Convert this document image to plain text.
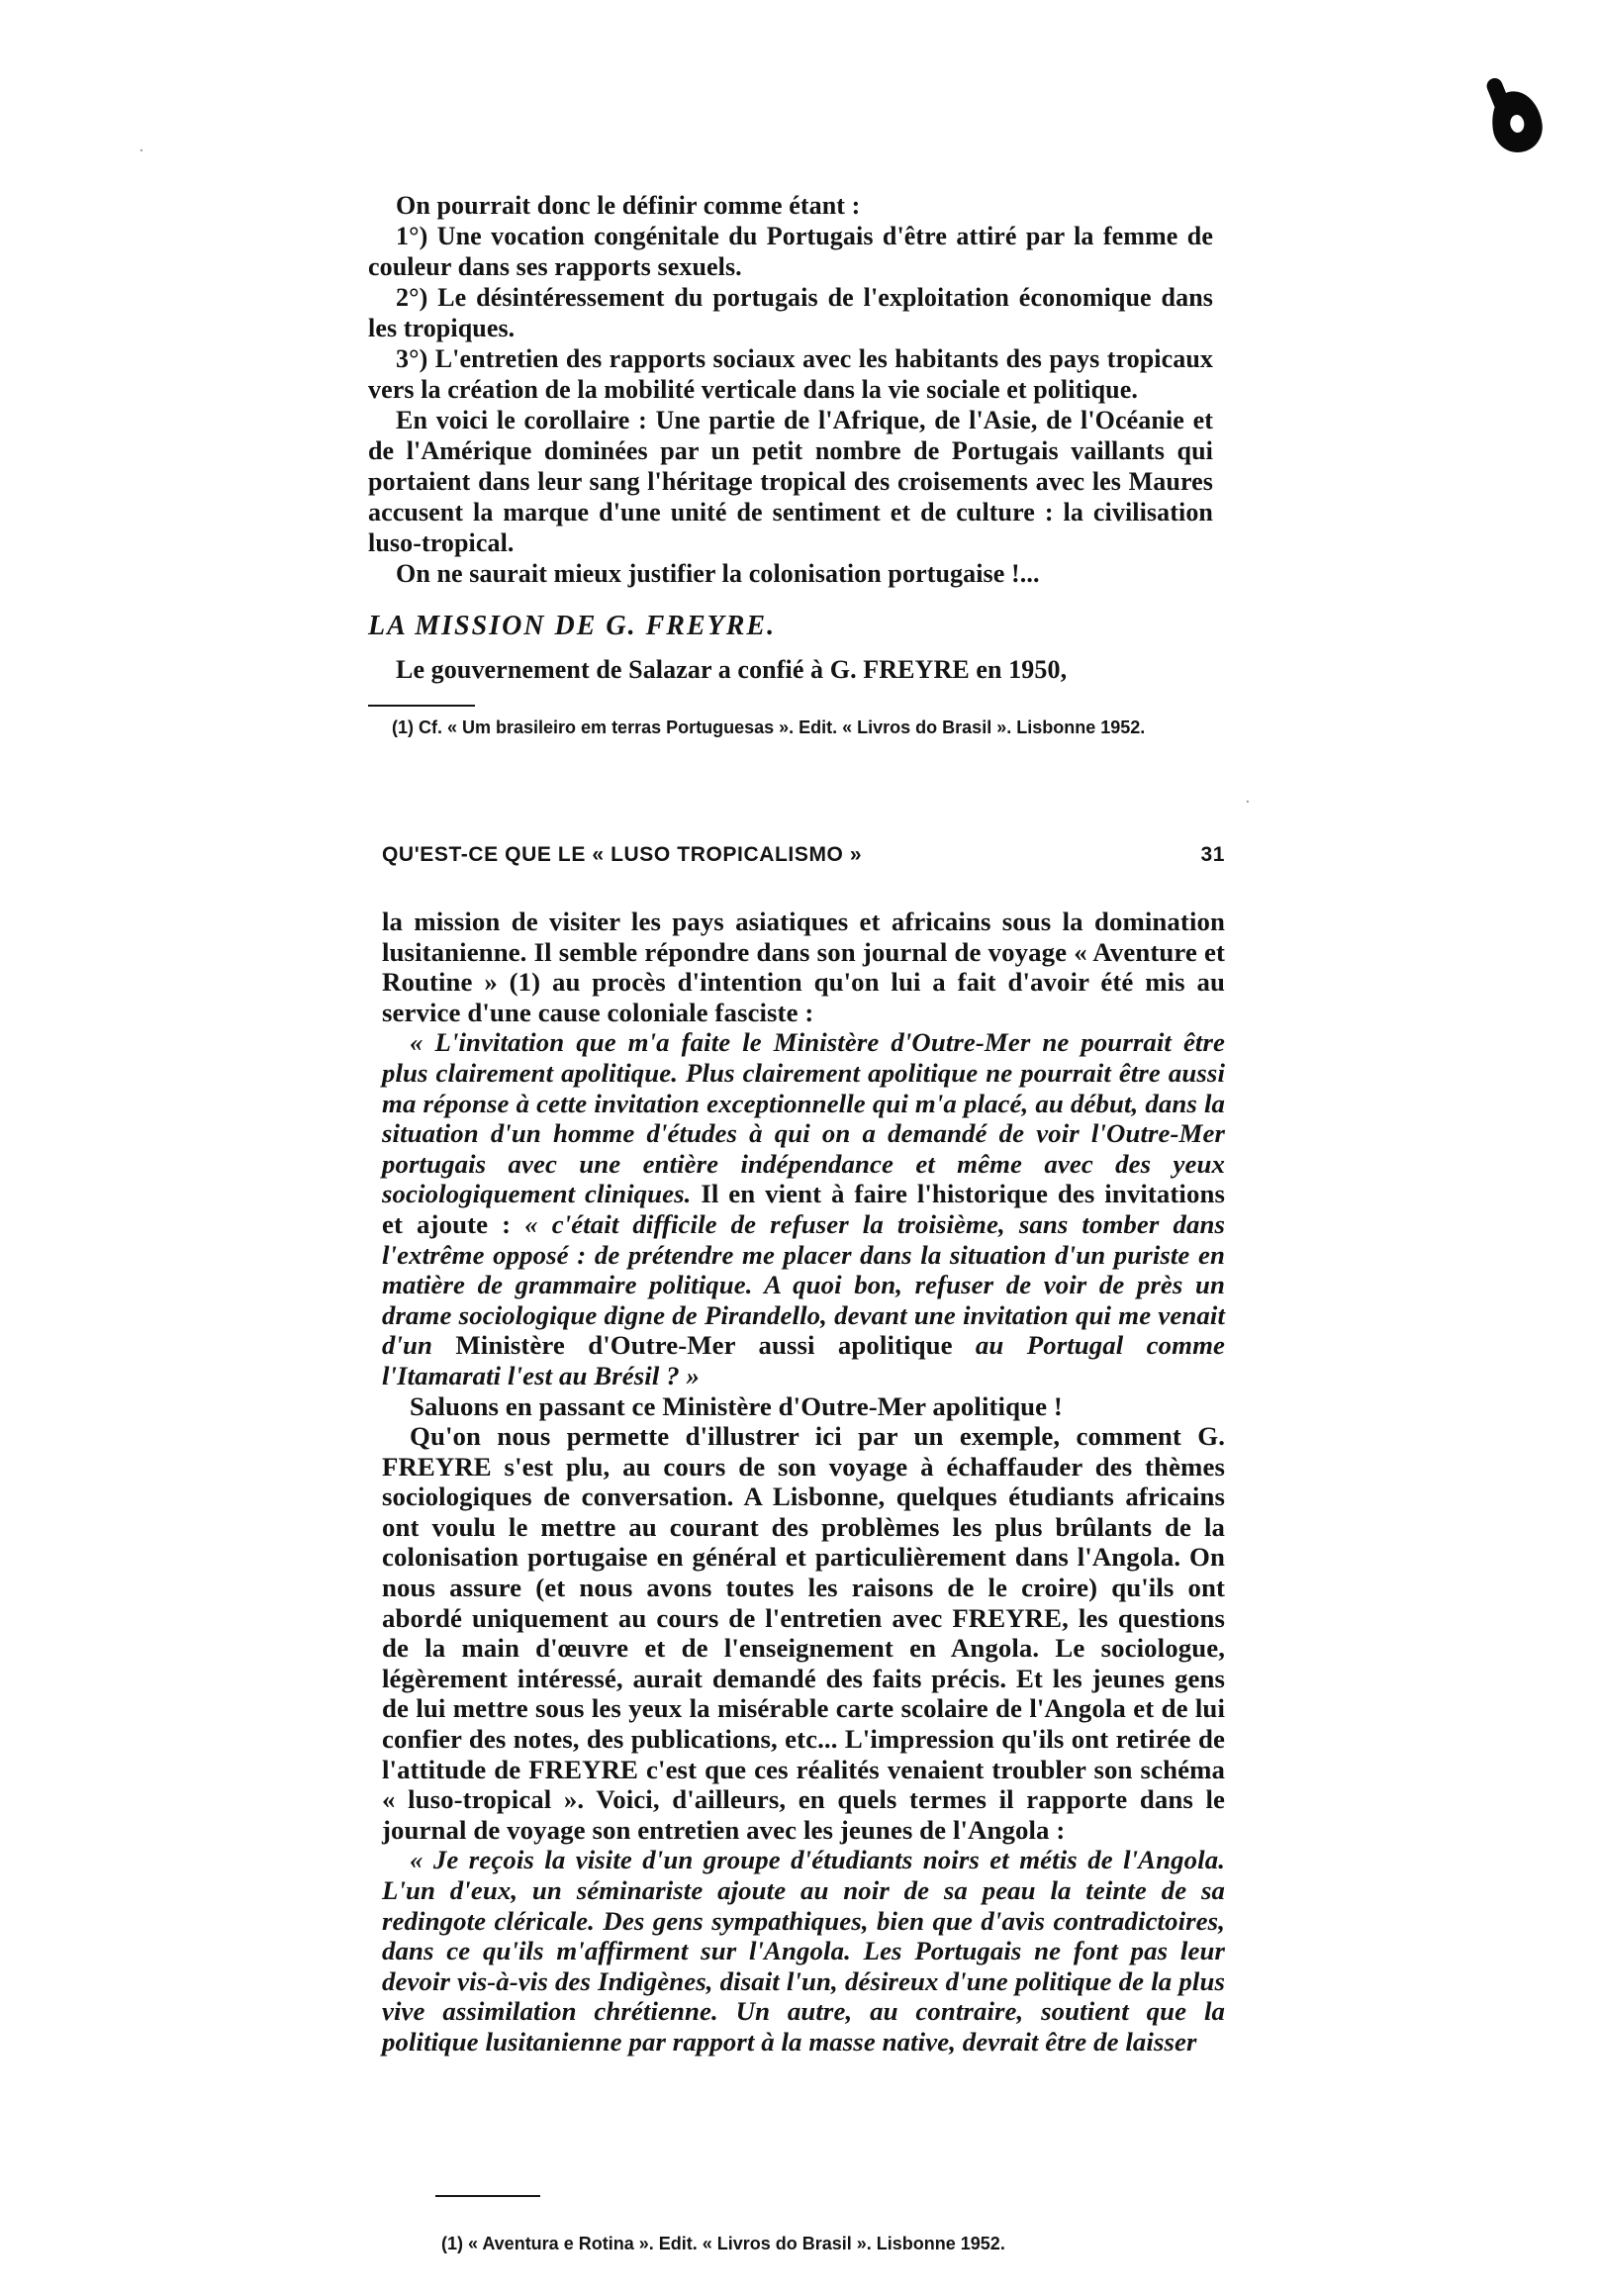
·
·

On pourrait donc le définir comme étant :

1°) Une vocation congénitale du Portugais d'être attiré par la femme de couleur dans ses rapports sexuels.

2°) Le désintéressement du portugais de l'exploitation économique dans les tropiques.

3°) L'entretien des rapports sociaux avec les habitants des pays tropicaux vers la création de la mobilité verticale dans la vie sociale et politique.

En voici le corollaire : Une partie de l'Afrique, de l'Asie, de l'Océanie et de l'Amérique dominées par un petit nombre de Portugais vaillants qui portaient dans leur sang l'héritage tropical des croisements avec les Maures accusent la marque d'une unité de sentiment et de culture : la civilisation luso-tropical.

On ne saurait mieux justifier la colonisation portugaise !...

LA MISSION DE G. FREYRE.

Le gouvernement de Salazar a confié à G. FREYRE en 1950,

(1) Cf. « Um brasileiro em terras Portuguesas ». Edit. « Livros do Brasil ». Lisbonne 1952.

QU'EST-CE QUE LE « LUSO TROPICALISMO »	31

la mission de visiter les pays asiatiques et africains sous la domination lusitanienne. Il semble répondre dans son journal de voyage « Aventure et Routine » (1) au procès d'intention qu'on lui a fait d'avoir été mis au service d'une cause coloniale fasciste :

« L'invitation que m'a faite le Ministère d'Outre-Mer ne pourrait être plus clairement apolitique. Plus clairement apolitique ne pourrait être aussi ma réponse à cette invitation exceptionnelle qui m'a placé, au début, dans la situation d'un homme d'études à qui on a demandé de voir l'Outre-Mer portugais avec une entière indépendance et même avec des yeux sociologiquement cliniques. Il en vient à faire l'historique des invitations et ajoute : « c'était difficile de refuser la troisième, sans tomber dans l'extrême opposé : de prétendre me placer dans la situation d'un puriste en matière de grammaire politique. A quoi bon, refuser de voir de près un drame sociologique digne de Pirandello, devant une invitation qui me venait d'un Ministère d'Outre-Mer aussi apolitique au Portugal comme l'Itamarati l'est au Brésil ? »

Saluons en passant ce Ministère d'Outre-Mer apolitique !

Qu'on nous permette d'illustrer ici par un exemple, comment G. FREYRE s'est plu, au cours de son voyage à échaffauder des thèmes sociologiques de conversation. A Lisbonne, quelques étudiants africains ont voulu le mettre au courant des problèmes les plus brûlants de la colonisation portugaise en général et particulièrement dans l'Angola. On nous assure (et nous avons toutes les raisons de le croire) qu'ils ont abordé uniquement au cours de l'entretien avec FREYRE, les questions de la main d'œuvre et de l'enseignement en Angola. Le sociologue, légèrement intéressé, aurait demandé des faits précis. Et les jeunes gens de lui mettre sous les yeux la misérable carte scolaire de l'Angola et de lui confier des notes, des publications, etc... L'impression qu'ils ont retirée de l'attitude de FREYRE c'est que ces réalités venaient troubler son schéma « luso-tropical ». Voici, d'ailleurs, en quels termes il rapporte dans le journal de voyage son entretien avec les jeunes de l'Angola :

« Je reçois la visite d'un groupe d'étudiants noirs et métis de l'Angola. L'un d'eux, un séminariste ajoute au noir de sa peau la teinte de sa redingote cléricale. Des gens sympathiques, bien que d'avis contradictoires, dans ce qu'ils m'affirment sur l'Angola. Les Portugais ne font pas leur devoir vis-à-vis des Indigènes, disait l'un, désireux d'une politique de la plus vive assimilation chrétienne. Un autre, au contraire, soutient que la politique lusitanienne par rapport à la masse native, devrait être de laisser

(1) « Aventura e Rotina ». Edit. « Livros do Brasil ». Lisbonne 1952.
